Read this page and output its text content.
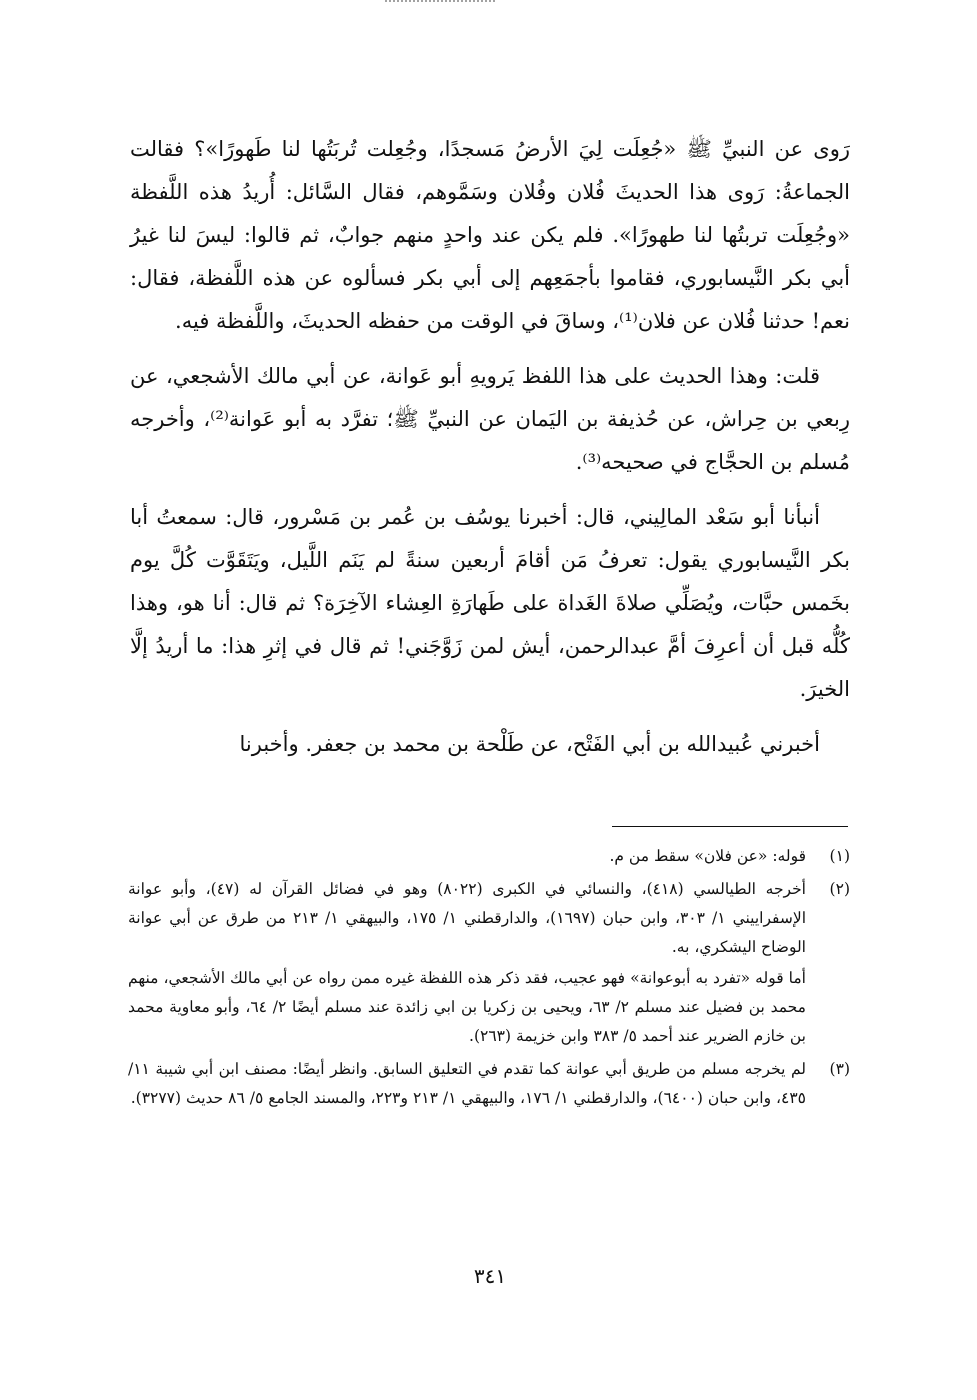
رَوى عن النبيِّ ﷺ «جُعِلَت لِيَ الأرضُ مَسجدًا، وجُعِلت تُربَتُها لنا طَهورًا»؟ فقالت الجماعةُ: رَوى هذا الحديثَ فُلان وفُلان وسَمَّوهم، فقال السَّائل: أُريدُ هذه اللَّفظة «وجُعِلَت تربتُها لنا طهورًا». فلم يكن عند واحدٍ منهم جوابٌ، ثم قالوا: ليسَ لنا غيرُ أبي بكر النَّيسابوري، فقاموا بأجمَعِهم إلى أبي بكر فسألوه عن هذه اللَّفظة، فقال: نعم! حدثنا فُلان عن فلان⁽¹⁾، وساقَ في الوقت من حفظه الحديثَ، واللَّفظة فيه.

قلت: وهذا الحديث على هذا اللفظ يَرويهِ أبو عَوانة، عن أبي مالك الأشجعي، عن رِبعي بن حِراش، عن حُذيفة بن اليَمان عن النبيِّ ﷺ؛ تفرَّد به أبو عَوانة⁽²⁾، وأخرجه مُسلم بن الحجَّاج في صحيحه⁽³⁾.

أنبأنا أبو سَعْد المالِيني، قال: أخبرنا يوسُف بن عُمر بن مَسْرور، قال: سمعتُ أبا بكر النَّيسابوري يقول: تعرفُ مَن أقامَ أربعين سنةً لم يَنَم اللَّيل، ويَتَقَوَّت كُلَّ يوم بخَمس حبَّات، ويُصَلِّي صلاةَ الغَداة على طَهارَةِ العِشاء الآخِرَة؟ ثم قال: أنا هو، وهذا كُلُّه قبل أن أعرِفَ أمَّ عبدالرحمن، أيش لمن زَوَّجَني! ثم قال في إثرِ هذا: ما أريدُ إلَّا الخيرَ.

أخبرني عُبيدالله بن أبي الفَتْح، عن طَلْحة بن محمد بن جعفر. وأخبرنا

(١)

قوله: «عن فلان» سقط من م.

(٢)

أخرجه الطيالسي (٤١٨)، والنسائي في الكبرى (٨٠٢٢) وهو في فضائل القرآن له (٤٧)، وأبو عوانة الإسفراييني ١/ ٣٠٣، وابن حبان (١٦٩٧)، والدارقطني ١/ ١٧٥، والبيهقي ١/ ٢١٣ من طرق عن أبي عوانة الوضاح اليشكري، به.

أما قوله «تفرد به أبوعوانة» فهو عجيب، فقد ذكر هذه اللفظة غيره ممن رواه عن أبي مالك الأشجعي، منهم محمد بن فضيل عند مسلم ٢/ ٦٣، ويحيى بن زكريا بن ابي زائدة عند مسلم أيضًا ٢/ ٦٤، وأبو معاوية محمد بن خازم الضرير عند أحمد ٥/ ٣٨٣ وابن خزيمة (٢٦٣).

(٣)

لم يخرجه مسلم من طريق أبي عوانة كما تقدم في التعليق السابق. وانظر أيضًا: مصنف ابن أبي شيبة ١١/ ٤٣٥، وابن حبان (٦٤٠٠)، والدارقطني ١/ ١٧٦، والبيهقي ١/ ٢١٣ و٢٢٣، والمسند الجامع ٥/ ٨٦ حديث (٣٢٧٧).

٣٤١
